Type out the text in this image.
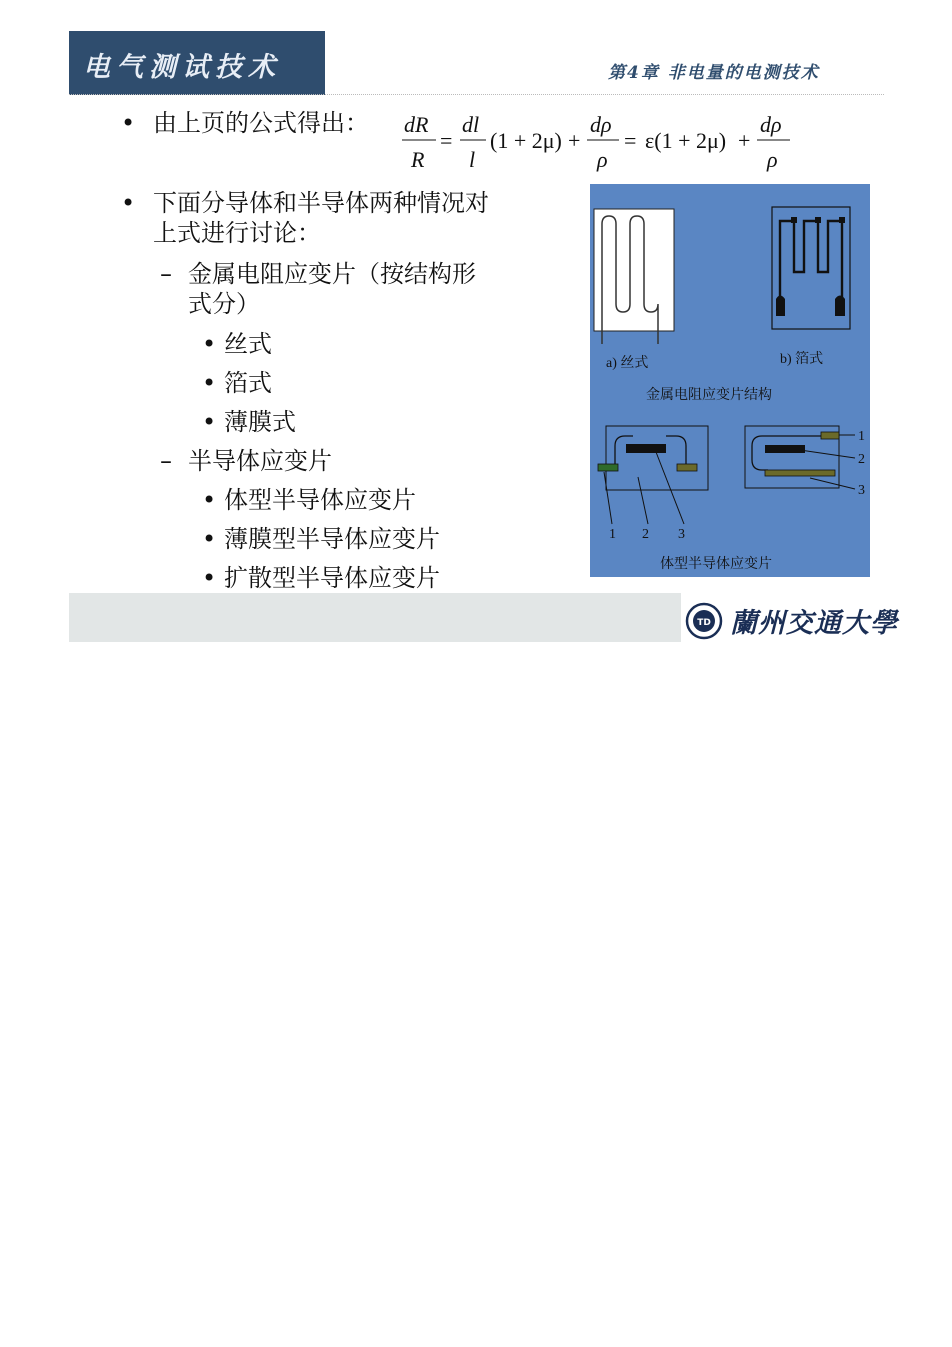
电气测试技术	第4章 非电量的电测技术
• 由上页的公式得出： dR
R
=
dl
l
(1 + 2μ) +
dρ
ρ
= ε(1 + 2μ) +
dρ
ρ
• 下面分导体和半导体两种情况对
上式进行讨论：
– 金属电阻应变片（按结构形
式分）
• 丝式
• 箔式
• 薄膜式
– 半导体应变片
• 体型半导体应变片
• 薄膜型半导体应变片
• 扩散型半导体应变片
a) 丝式	b) 箔式
金属电阻应变片结构
1 2 3
1
2
3
体型半导体应变片
TD 蘭州交通大學
